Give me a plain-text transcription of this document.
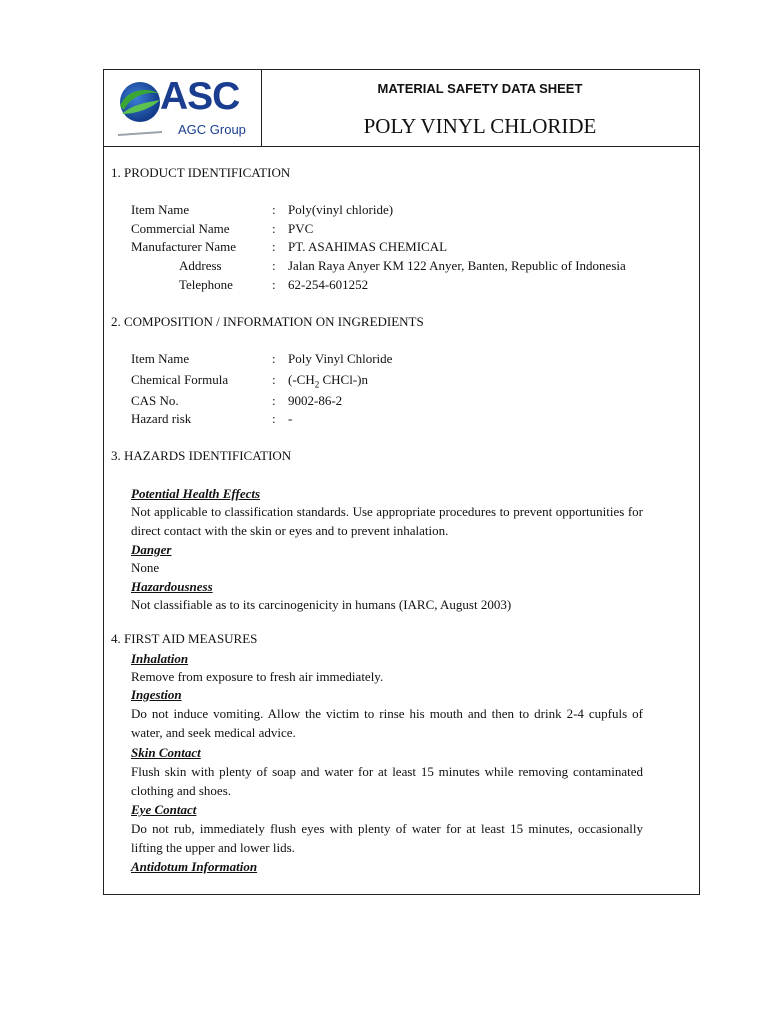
ASC
AGC Group
MATERIAL SAFETY DATA SHEET
POLY VINYL CHLORIDE
1. PRODUCT IDENTIFICATION
Item Name	: Poly(vinyl chloride)
Commercial Name	: PVC
Manufacturer Name	: PT. ASAHIMAS CHEMICAL
Address	: Jalan Raya Anyer KM 122 Anyer, Banten, Republic of Indonesia
Telephone	: 62-254-601252
2. COMPOSITION / INFORMATION ON INGREDIENTS
Item Name	: Poly Vinyl Chloride
Chemical Formula	: ($-CH_2$ CHCl-)n
CAS No.	: 9002-86-2
Hazard risk	: -
3. HAZARDS IDENTIFICATION
Potential Health Effects
Not applicable to classification standards. Use appropriate procedures to prevent opportunities for direct contact with the skin or eyes and to prevent inhalation.
Danger
None
Hazardousness
Not classifiable as to its carcinogenicity in humans (IARC, August 2003)
4. FIRST AID MEASURES
Inhalation
Remove from exposure to fresh air immediately.
Ingestion
Do not induce vomiting. Allow the victim to rinse his mouth and then to drink 2-4 cupfuls of water, and seek medical advice.
Skin Contact
Flush skin with plenty of soap and water for at least 15 minutes while removing contaminated clothing and shoes.
Eye Contact
Do not rub, immediately flush eyes with plenty of water for at least 15 minutes, occasionally lifting the upper and lower lids.
Antidotum Information
